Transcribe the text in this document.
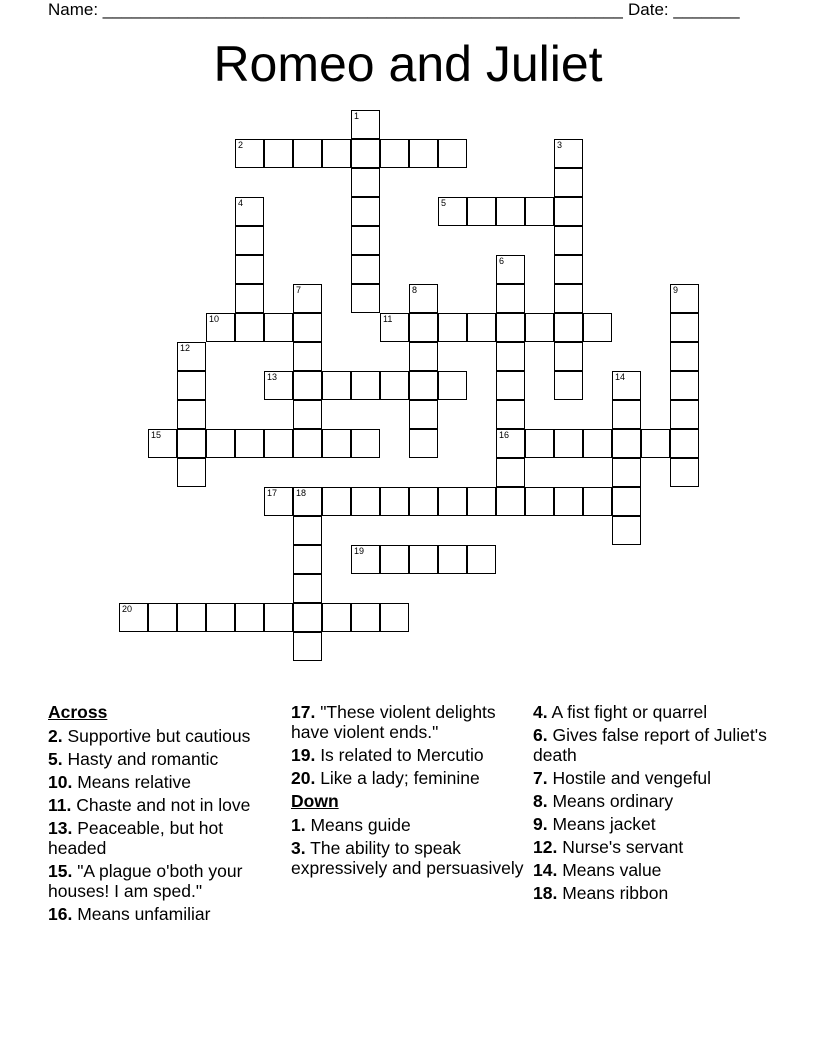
Name: _______________________________________________________ Date: _______
Romeo and Juliet
1
2	3
4	5
6
7	8	9
10	11
12
13	14
15	16
17 18
19
20
Across
2. Supportive but cautious
5. Hasty and romantic
10. Means relative
11. Chaste and not in love
13. Peaceable, but hot headed
15. "A plague o'both your houses! I am sped."
16. Means unfamiliar
17. "These violent delights have violent ends."
19. Is related to Mercutio
20. Like a lady; feminine
Down
1. Means guide
3. The ability to speak expressively and persuasively
4. A fist fight or quarrel
6. Gives false report of Juliet's death
7. Hostile and vengeful
8. Means ordinary
9. Means jacket
12. Nurse's servant
14. Means value
18. Means ribbon
